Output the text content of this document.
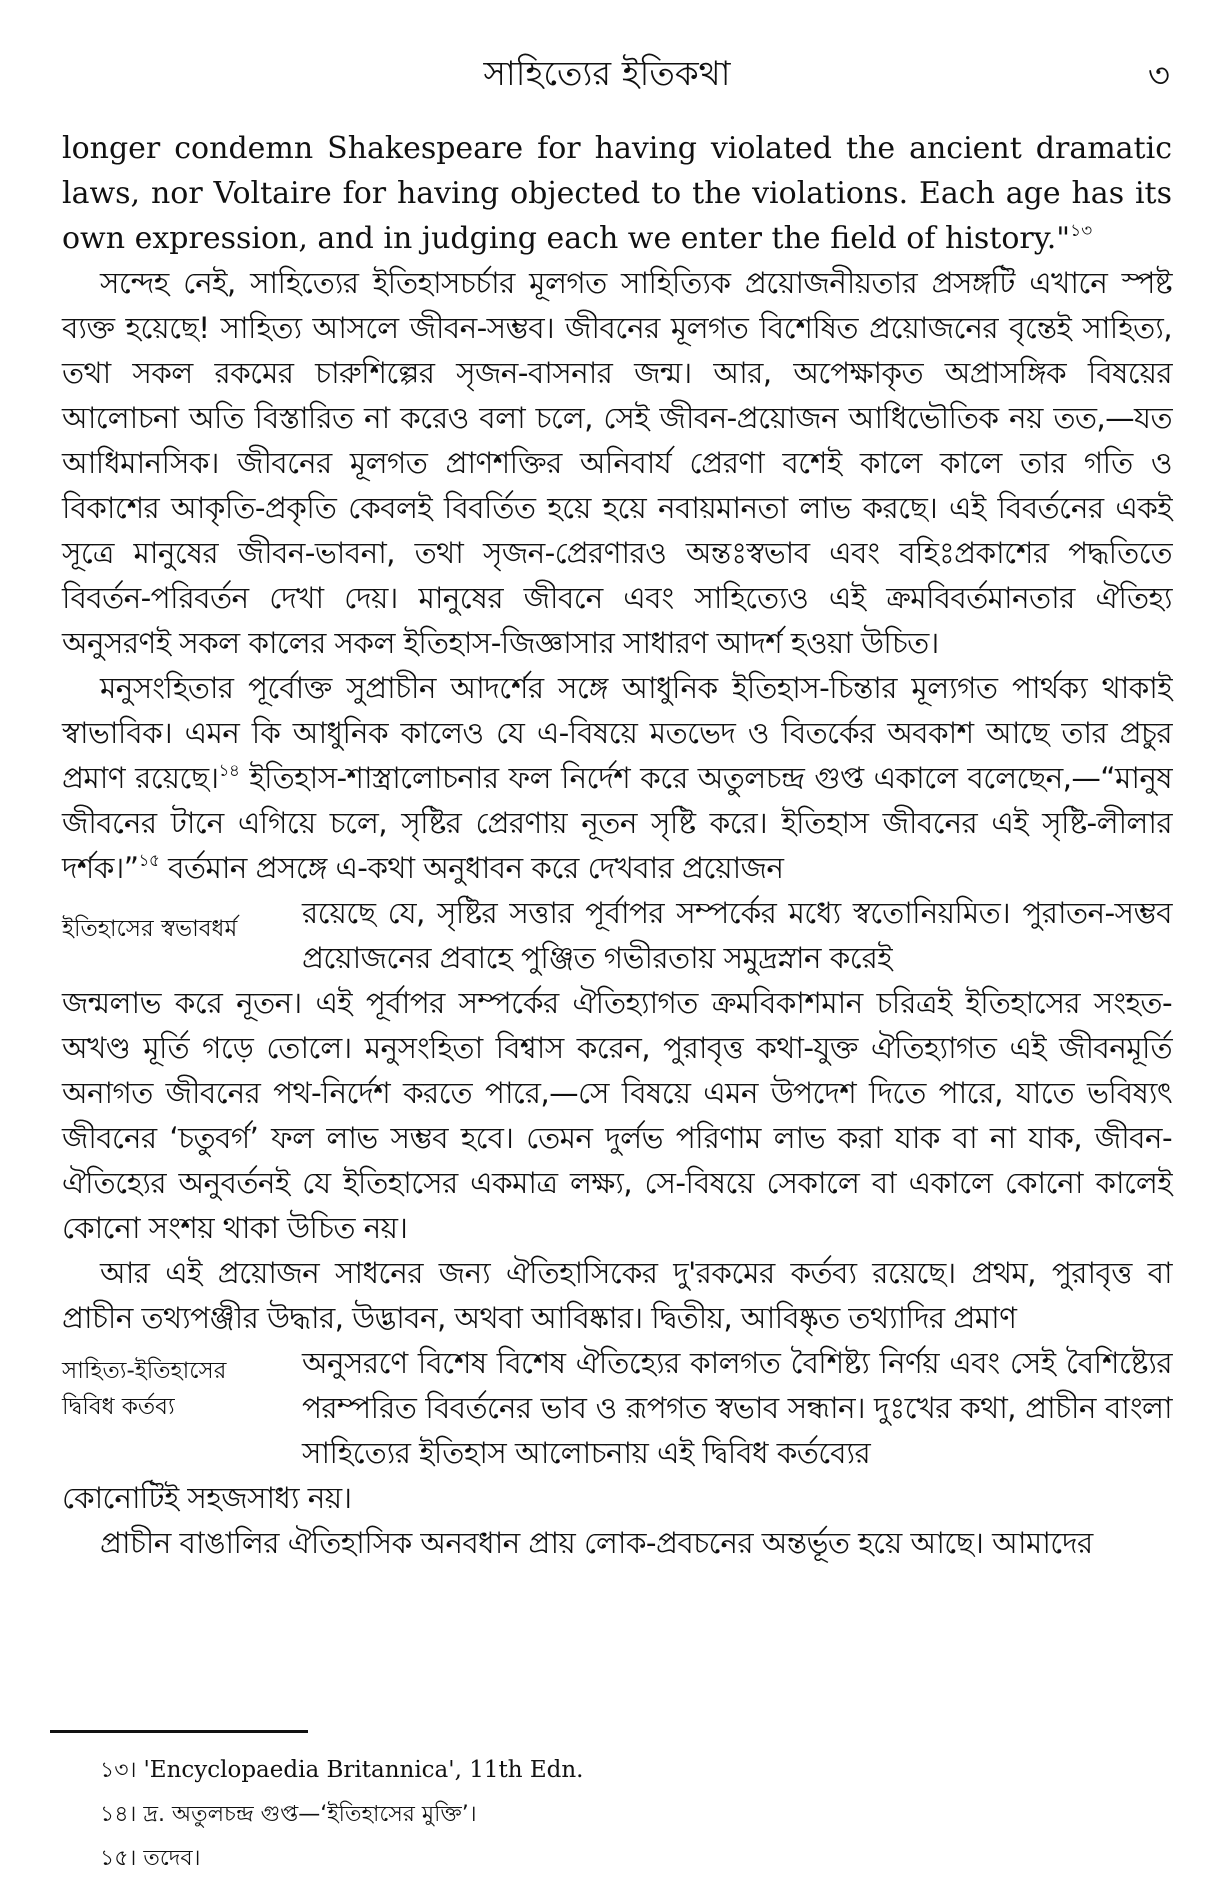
সাহিত্যের ইতিকথা	৩

longer condemn Shakespeare for having violated the ancient dramatic laws, nor Voltaire for having objected to the violations. Each age has its own expression, and in judging each we enter the field of history."$^{১৩}$

সন্দেহ নেই, সাহিত্যের ইতিহাসচর্চার মূলগত সাহিত্যিক প্রয়োজনীয়তার প্রসঙ্গটি এখানে স্পষ্ট ব্যক্ত হয়েছে! সাহিত্য আসলে জীবন-সম্ভব। জীবনের মূলগত বিশেষিত প্রয়োজনের বৃন্তেই সাহিত্য, তথা সকল রকমের চারুশিল্পের সৃজন-বাসনার জন্ম। আর, অপেক্ষাকৃত অপ্রাসঙ্গিক বিষয়ের আলোচনা অতি বিস্তারিত না করেও বলা চলে, সেই জীবন-প্রয়োজন আধিভৌতিক নয় তত,—যত আধিমানসিক। জীবনের মূলগত প্রাণশক্তির অনিবার্য প্রেরণা বশেই কালে কালে তার গতি ও বিকাশের আকৃতি-প্রকৃতি কেবলই বিবর্তিত হয়ে হয়ে নবায়মানতা লাভ করছে। এই বিবর্তনের একই সূত্রে মানুষের জীবন-ভাবনা, তথা সৃজন-প্রেরণারও অন্তঃস্বভাব এবং বহিঃপ্রকাশের পদ্ধতিতে বিবর্তন-পরিবর্তন দেখা দেয়। মানুষের জীবনে এবং সাহিত্যেও এই ক্রমবিবর্তমানতার ঐতিহ্য অনুসরণই সকল কালের সকল ইতিহাস-জিজ্ঞাসার সাধারণ আদর্শ হওয়া উচিত।

মনুসংহিতার পূর্বোক্ত সুপ্রাচীন আদর্শের সঙ্গে আধুনিক ইতিহাস-চিন্তার মূল্যগত পার্থক্য থাকাই স্বাভাবিক। এমন কি আধুনিক কালেও যে এ-বিষয়ে মতভেদ ও বিতর্কের অবকাশ আছে তার প্রচুর প্রমাণ রয়েছে।$^{১৪}$ ইতিহাস-শাস্ত্রালোচনার ফল নির্দেশ করে অতুলচন্দ্র গুপ্ত একালে বলেছেন,—“মানুষ জীবনের টানে এগিয়ে চলে, সৃষ্টির প্রেরণায় নূতন সৃষ্টি করে। ইতিহাস জীবনের এই সৃষ্টি-লীলার দর্শক।”$^{১৫}$ বর্তমান প্রসঙ্গে এ-কথা অনুধাবন করে দেখবার প্রয়োজন

ইতিহাসের স্বভাবধর্ম	রয়েছে যে, সৃষ্টির সত্তার পূর্বাপর সম্পর্কের মধ্যে স্বতোনিয়মিত। পুরাতন-সম্ভব প্রয়োজনের প্রবাহে পুঞ্জিত গভীরতায় সমুদ্রস্নান করেই

জন্মলাভ করে নূতন। এই পূর্বাপর সম্পর্কের ঐতিহ্যাগত ক্রমবিকাশমান চরিত্রই ইতিহাসের সংহত-অখণ্ড মূর্তি গড়ে তোলে। মনুসংহিতা বিশ্বাস করেন, পুরাবৃত্ত কথা-যুক্ত ঐতিহ্যাগত এই জীবনমূর্তি অনাগত জীবনের পথ-নির্দেশ করতে পারে,—সে বিষয়ে এমন উপদেশ দিতে পারে, যাতে ভবিষ্যৎ জীবনের ‘চতুবর্গ’ ফল লাভ সম্ভব হবে। তেমন দুর্লভ পরিণাম লাভ করা যাক বা না যাক, জীবন-ঐতিহ্যের অনুবর্তনই যে ইতিহাসের একমাত্র লক্ষ্য, সে-বিষয়ে সেকালে বা একালে কোনো কালেই কোনো সংশয় থাকা উচিত নয়।

আর এই প্রয়োজন সাধনের জন্য ঐতিহাসিকের দু'রকমের কর্তব্য রয়েছে। প্রথম, পুরাবৃত্ত বা প্রাচীন তথ্যপঞ্জীর উদ্ধার, উদ্ভাবন, অথবা আবিষ্কার। দ্বিতীয়, আবিষ্কৃত তথ্যাদির প্রমাণ

সাহিত্য-ইতিহাসের
দ্বিবিধ কর্তব্য
অনুসরণে বিশেষ বিশেষ ঐতিহ্যের কালগত বৈশিষ্ট্য নির্ণয় এবং সেই বৈশিষ্ট্যের পরম্পরিত বিবর্তনের ভাব ও রূপগত স্বভাব সন্ধান। দুঃখের কথা, প্রাচীন বাংলা সাহিত্যের ইতিহাস আলোচনায় এই দ্বিবিধ কর্তব্যের

কোনোটিই সহজসাধ্য নয়।

প্রাচীন বাঙালির ঐতিহাসিক অনবধান প্রায় লোক-প্রবচনের অন্তর্ভূত হয়ে আছে। আমাদের

১৩। 'Encyclopaedia Britannica', 11th Edn.
১৪। দ্র. অতুলচন্দ্র গুপ্ত—‘ইতিহাসের মুক্তি’।
১৫। তদেব।
